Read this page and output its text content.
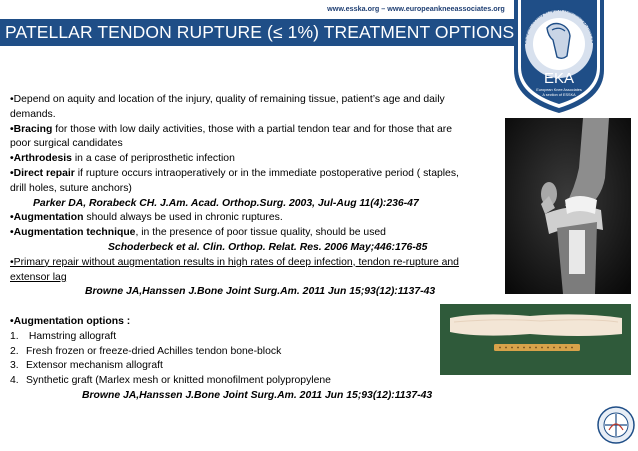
www.esska.org – www.europeankneeassociates.org
PATELLAR TENDON RUPTURE (≤ 1%) TREATMENT OPTIONS
European Society of Sports Traumatology, Knee Su
EKA
European Knee Associates
A section of ESSKA

•Depend on aquity and location of the injury, quality of remaining tissue, patient’s age and daily demands.

•Bracing for those with low daily activities, those with a partial tendon tear and for those that are poor surgical candidates

•Arthrodesis in a case of periprosthetic infection

•Direct repair if rupture occurs intraoperatively or in the immediate postoperative period ( staples, drill holes, suture anchors)

Parker DA, Rorabeck CH. J.Am. Acad. Orthop.Surg. 2003, Jul-Aug 11(4):236-47

•Augmentation should always be used in chronic ruptures.

•Augmentation technique, in the presence of poor tissue quality, should be used

Schoderbeck et al. Clin. Orthop. Relat. Res. 2006 May;446:176-85

•Primary repair without augmentation results in high rates of deep infection, tendon re-rupture and extensor lag

Browne JA,Hanssen J.Bone Joint Surg.Am. 2011 Jun 15;93(12):1137-43

•Augmentation options :

1. Hamstring allograft

2. Fresh frozen or freeze-dried Achilles tendon bone-block

3. Extensor mechanism allograft

4. Synthetic graft (Marlex mesh or knitted monofilment polypropylene

Browne JA,Hanssen J.Bone Joint Surg.Am. 2011 Jun 15;93(12):1137-43
